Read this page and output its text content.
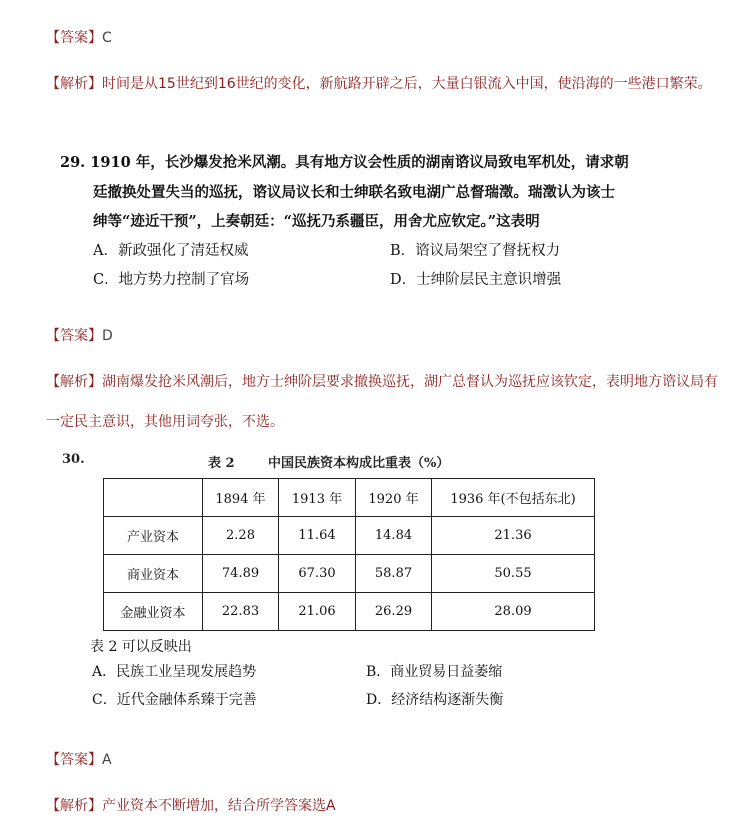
【答案】C
【解析】时间是从15世纪到16世纪的变化，新航路开辟之后，大量白银流入中国，使沿海的一些港口繁荣。
29. 1910 年，长沙爆发抢米风潮。具有地方议会性质的湖南谘议局致电军机处，请求朝
廷撤换处置失当的巡抚，谘议局议长和士绅联名致电湖广总督瑞澂。瑞澂认为该士
绅等“迹近干预”，上奏朝廷：“巡抚乃系疆臣，用舍尤应钦定。”这表明
A．新政强化了清廷权威	B．谘议局架空了督抚权力
C．地方势力控制了官场	D．士绅阶层民主意识增强
【答案】D
【解析】湖南爆发抢米风潮后，地方士绅阶层要求撤换巡抚，湖广总督认为巡抚应该钦定，表明地方谘议局有一定民主意识，其他用词夸张，不选。
30.	表 2	中国民族资本构成比重表（%）
	1894 年	1913 年	1920 年	1936 年(不包括东北)
产业资本	2.28	11.64	14.84	21.36
商业资本	74.89	67.30	58.87	50.55
金融业资本	22.83	21.06	26.29	28.09
表 2 可以反映出
A．民族工业呈现发展趋势	B．商业贸易日益萎缩
C．近代金融体系臻于完善	D．经济结构逐渐失衡
【答案】A
【解析】产业资本不断增加，结合所学答案选A
